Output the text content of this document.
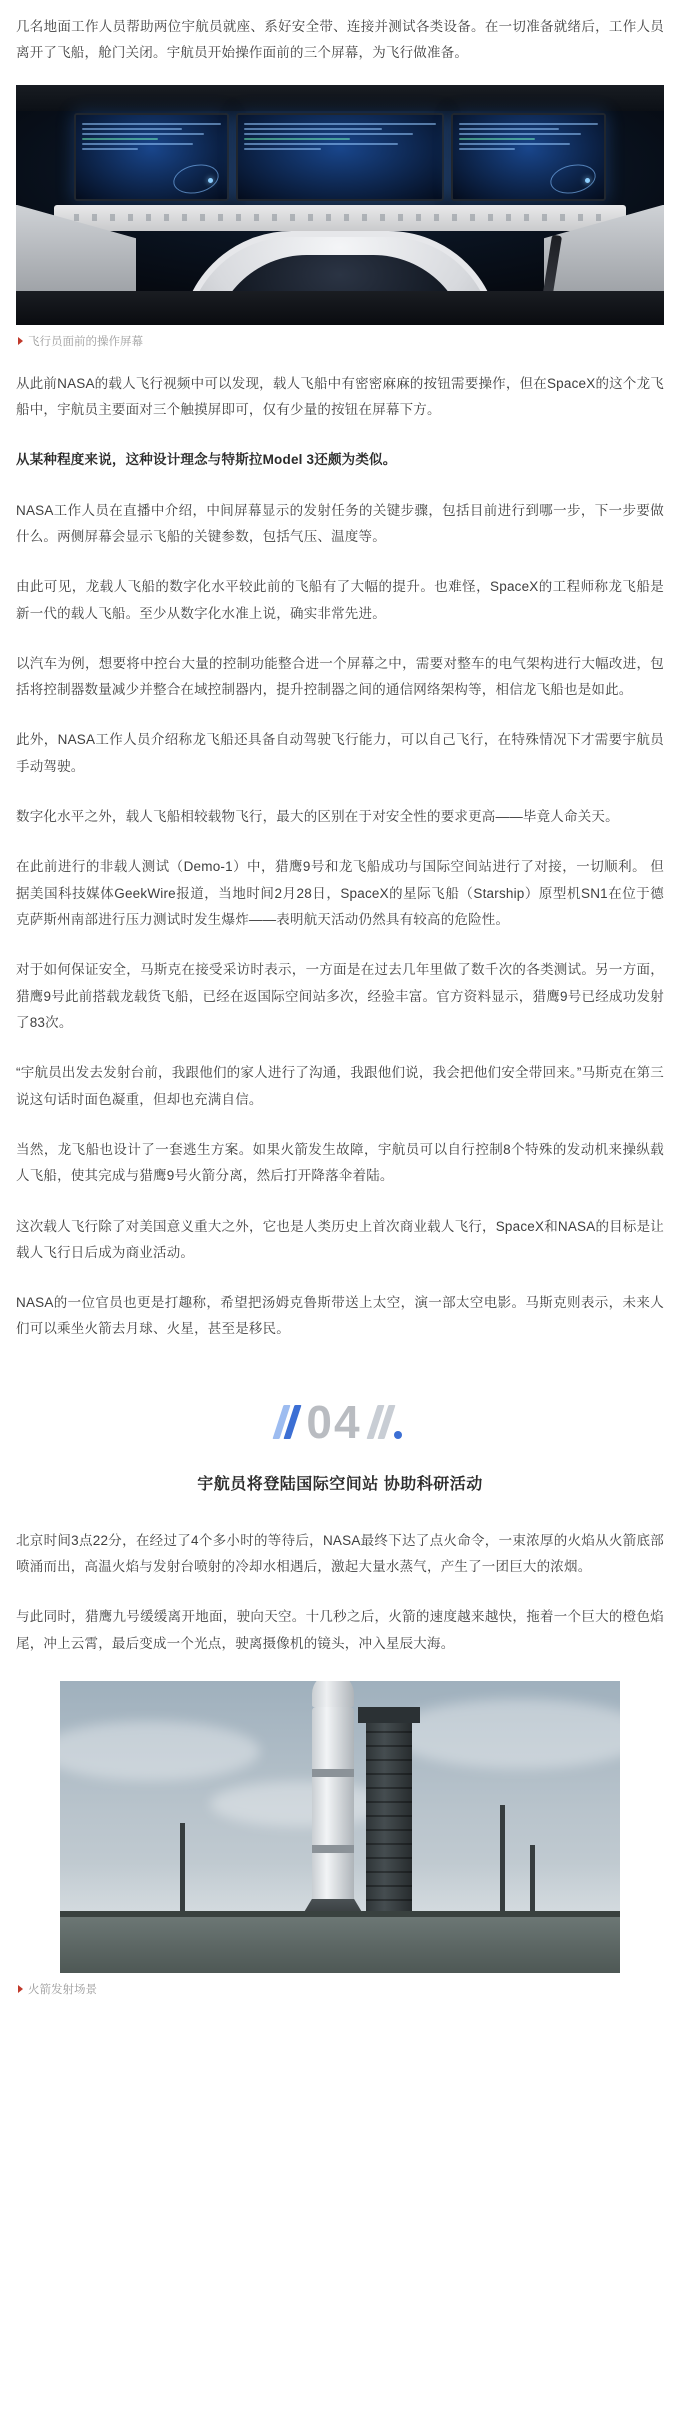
几名地面工作人员帮助两位宇航员就座、系好安全带、连接并测试各类设备。在一切准备就绪后，工作人员离开了飞船，舱门关闭。宇航员开始操作面前的三个屏幕，为飞行做准备。

飞行员面前的操作屏幕

从此前NASA的载人飞行视频中可以发现，载人飞船中有密密麻麻的按钮需要操作，但在SpaceX的这个龙飞船中，宇航员主要面对三个触摸屏即可，仅有少量的按钮在屏幕下方。

从某种程度来说，这种设计理念与特斯拉Model 3还颇为类似。

NASA工作人员在直播中介绍，中间屏幕显示的发射任务的关键步骤，包括目前进行到哪一步，下一步要做什么。两侧屏幕会显示飞船的关键参数，包括气压、温度等。

由此可见，龙载人飞船的数字化水平较此前的飞船有了大幅的提升。也难怪，SpaceX的工程师称龙飞船是新一代的载人飞船。至少从数字化水准上说，确实非常先进。

以汽车为例，想要将中控台大量的控制功能整合进一个屏幕之中，需要对整车的电气架构进行大幅改进，包括将控制器数量减少并整合在域控制器内，提升控制器之间的通信网络架构等，相信龙飞船也是如此。

此外，NASA工作人员介绍称龙飞船还具备自动驾驶飞行能力，可以自己飞行，在特殊情况下才需要宇航员手动驾驶。

数字化水平之外，载人飞船相较载物飞行，最大的区别在于对安全性的要求更高——毕竟人命关天。

在此前进行的非载人测试（Demo-1）中，猎鹰9号和龙飞船成功与国际空间站进行了对接，一切顺利。 但据美国科技媒体GeekWire报道，当地时间2月28日，SpaceX的星际飞船（Starship）原型机SN1在位于德克萨斯州南部进行压力测试时发生爆炸——表明航天活动仍然具有较高的危险性。

对于如何保证安全，马斯克在接受采访时表示，一方面是在过去几年里做了数千次的各类测试。另一方面，猎鹰9号此前搭载龙载货飞船，已经在返国际空间站多次，经验丰富。官方资料显示，猎鹰9号已经成功发射了83次。

“宇航员出发去发射台前，我跟他们的家人进行了沟通，我跟他们说，我会把他们安全带回来。”马斯克在第三说这句话时面色凝重，但却也充满自信。

当然，龙飞船也设计了一套逃生方案。如果火箭发生故障，宇航员可以自行控制8个特殊的发动机来操纵载人飞船，使其完成与猎鹰9号火箭分离，然后打开降落伞着陆。

这次载人飞行除了对美国意义重大之外，它也是人类历史上首次商业载人飞行，SpaceX和NASA的目标是让载人飞行日后成为商业活动。

NASA的一位官员也更是打趣称，希望把汤姆克鲁斯带送上太空，演一部太空电影。马斯克则表示，未来人们可以乘坐火箭去月球、火星，甚至是移民。

04
宇航员将登陆国际空间站 协助科研活动

北京时间3点22分，在经过了4个多小时的等待后，NASA最终下达了点火命令，一束浓厚的火焰从火箭底部喷涌而出，高温火焰与发射台喷射的冷却水相遇后，激起大量水蒸气，产生了一团巨大的浓烟。

与此同时，猎鹰九号缓缓离开地面，驶向天空。十几秒之后，火箭的速度越来越快，拖着一个巨大的橙色焰尾，冲上云霄，最后变成一个光点，驶离摄像机的镜头，冲入星辰大海。

火箭发射场景
